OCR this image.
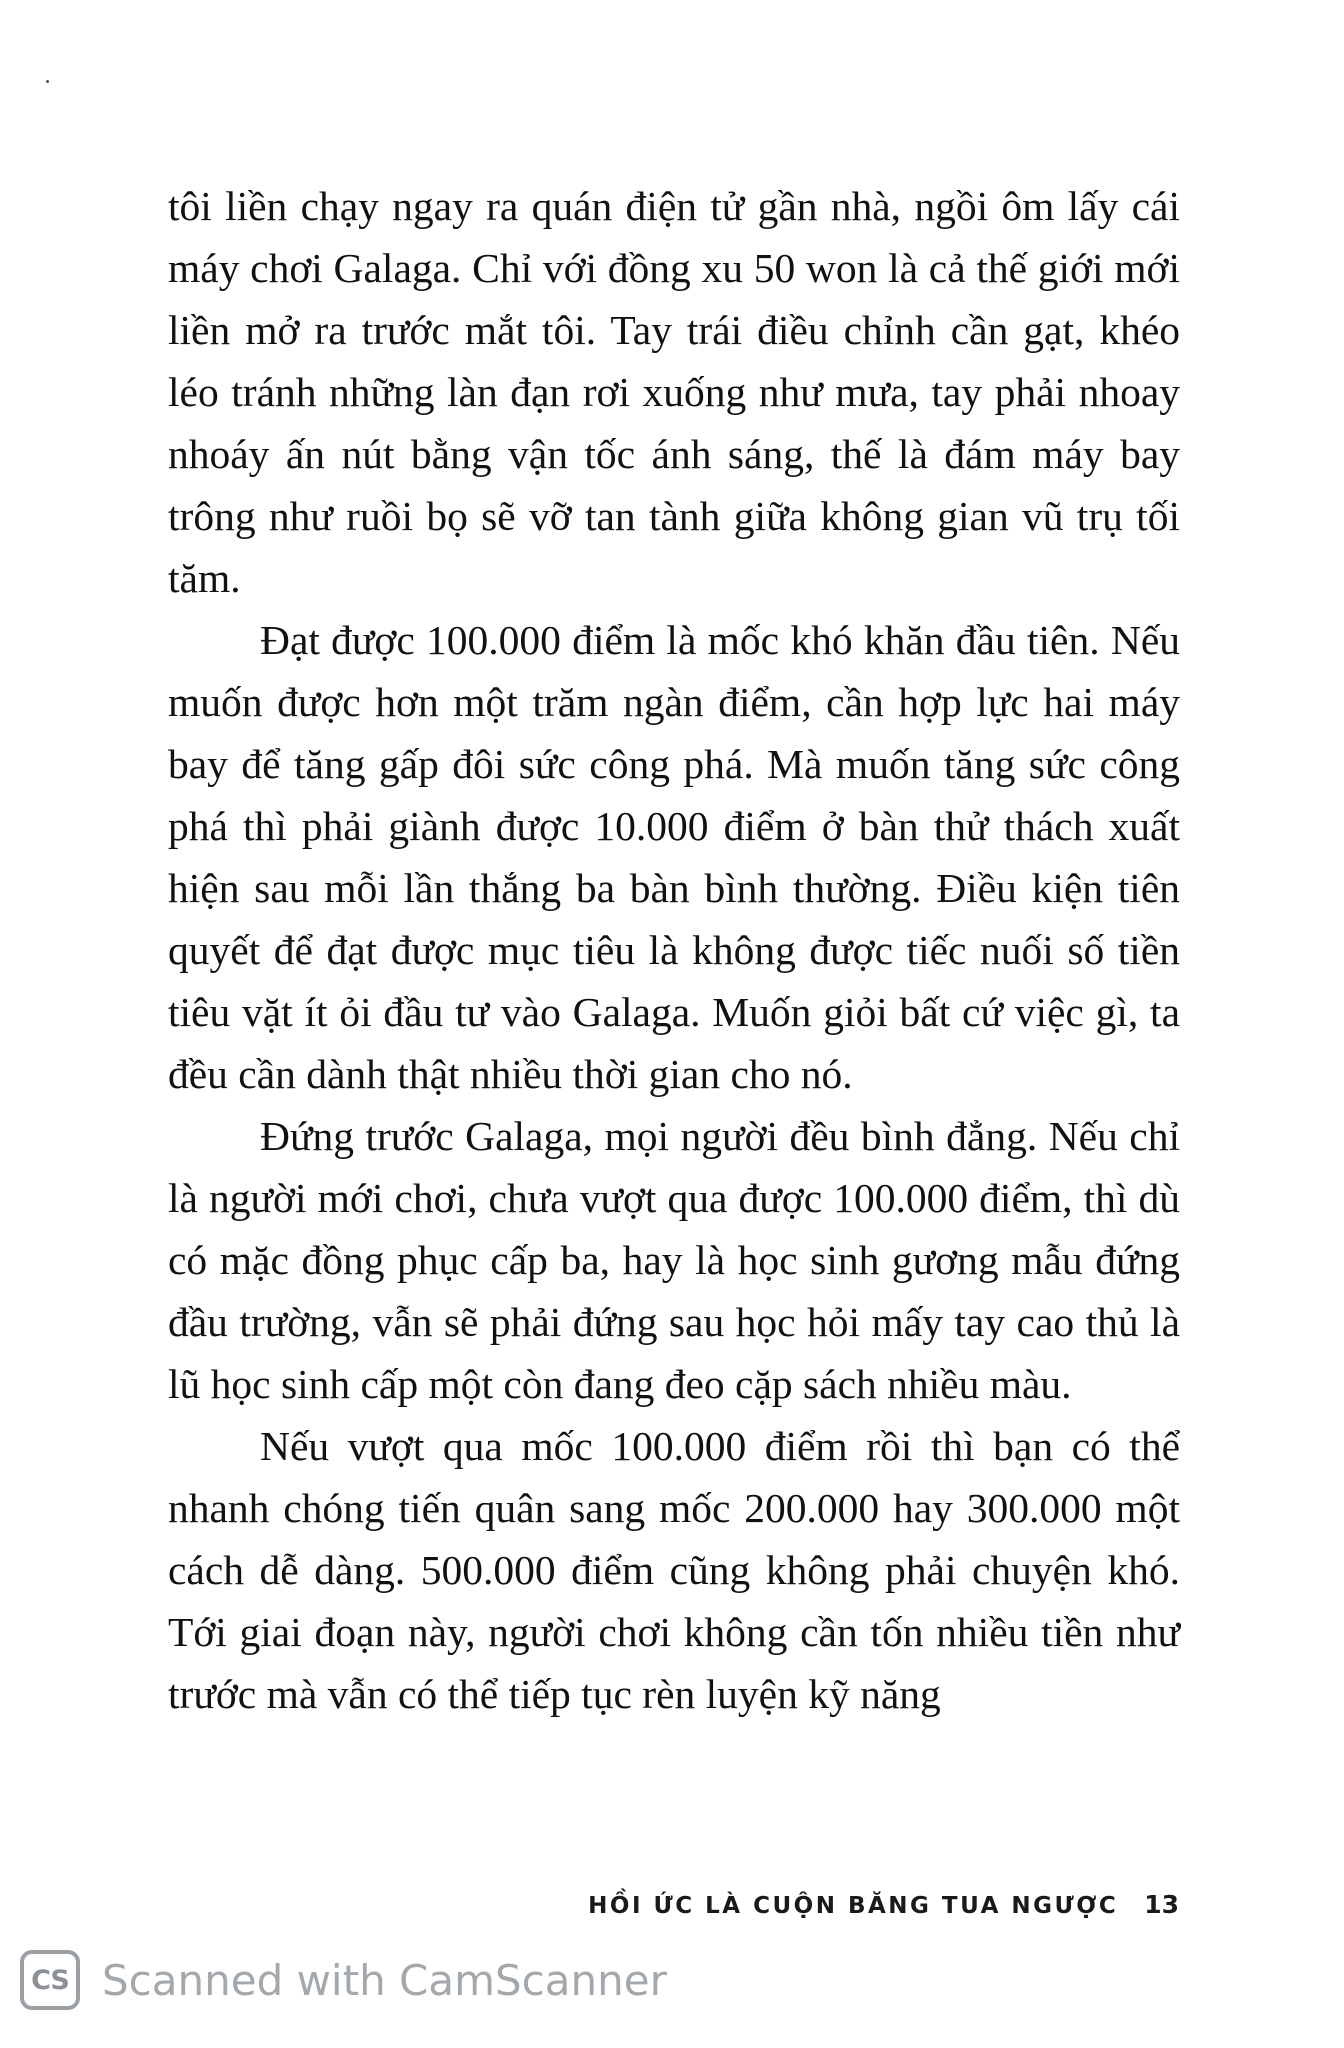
tôi liền chạy ngay ra quán điện tử gần nhà, ngồi ôm lấy cái máy chơi Galaga. Chỉ với đồng xu 50 won là cả thế giới mới liền mở ra trước mắt tôi. Tay trái điều chỉnh cần gạt, khéo léo tránh những làn đạn rơi xuống như mưa, tay phải nhoay nhoáy ấn nút bằng vận tốc ánh sáng, thế là đám máy bay trông như ruồi bọ sẽ vỡ tan tành giữa không gian vũ trụ tối tăm.

Đạt được 100.000 điểm là mốc khó khăn đầu tiên. Nếu muốn được hơn một trăm ngàn điểm, cần hợp lực hai máy bay để tăng gấp đôi sức công phá. Mà muốn tăng sức công phá thì phải giành được 10.000 điểm ở bàn thử thách xuất hiện sau mỗi lần thắng ba bàn bình thường. Điều kiện tiên quyết để đạt được mục tiêu là không được tiếc nuối số tiền tiêu vặt ít ỏi đầu tư vào Galaga. Muốn giỏi bất cứ việc gì, ta đều cần dành thật nhiều thời gian cho nó.

Đứng trước Galaga, mọi người đều bình đẳng. Nếu chỉ là người mới chơi, chưa vượt qua được 100.000 điểm, thì dù có mặc đồng phục cấp ba, hay là học sinh gương mẫu đứng đầu trường, vẫn sẽ phải đứng sau học hỏi mấy tay cao thủ là lũ học sinh cấp một còn đang đeo cặp sách nhiều màu.

Nếu vượt qua mốc 100.000 điểm rồi thì bạn có thể nhanh chóng tiến quân sang mốc 200.000 hay 300.000 một cách dễ dàng. 500.000 điểm cũng không phải chuyện khó. Tới giai đoạn này, người chơi không cần tốn nhiều tiền như trước mà vẫn có thể tiếp tục rèn luyện kỹ năng

HỒI ỨC LÀ CUỘN BĂNG TUA NGƯỢC 13
CS Scanned with CamScanner
